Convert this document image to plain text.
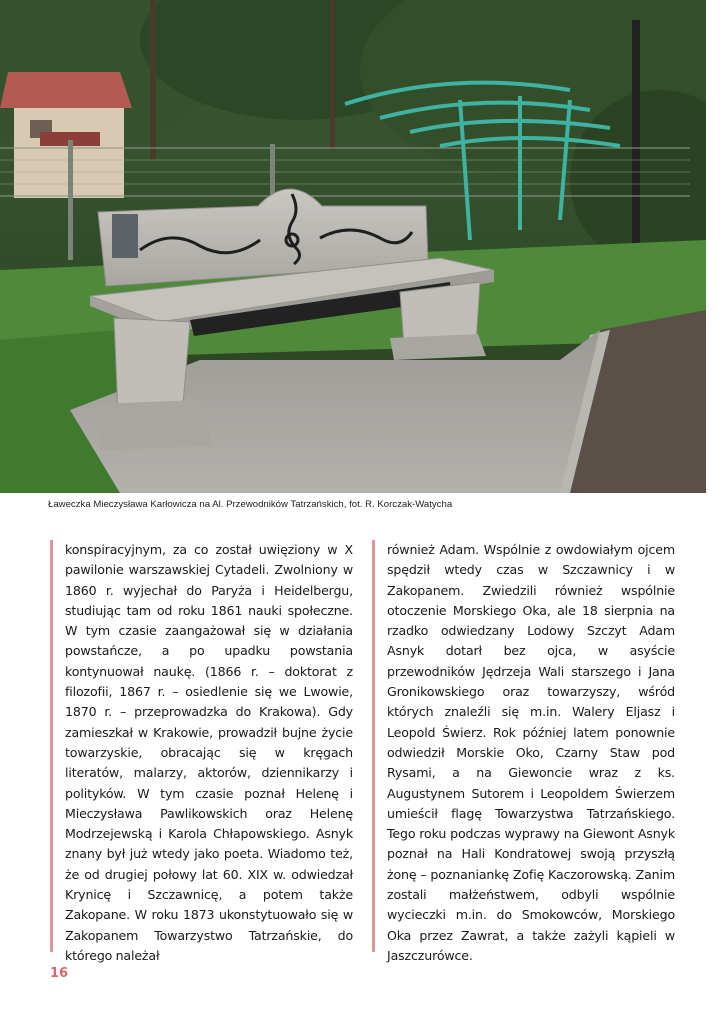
Ławeczka Mieczysława Karłowicza na Al. Przewodników Tatrzańskich, fot. R. Korczak-Watycha

konspiracyjnym, za co został uwięziony w X pawilonie warszawskiej Cytadeli. Zwolniony w 1860 r. wyjechał do Paryża i Heidelbergu, studiując tam od roku 1861 nauki społeczne. W tym czasie zaangażował się w działania powstańcze, a po upadku powstania kontynuował naukę. (1866 r. – doktorat z filozofii, 1867 r. – osiedlenie się we Lwowie, 1870 r. – przeprowadzka do Krakowa). Gdy zamieszkał w Krakowie, prowadził bujne życie towarzyskie, obracając się w kręgach literatów, malarzy, aktorów, dziennikarzy i polityków. W tym czasie poznał Helenę i Mieczysława Pawlikowskich oraz Helenę Modrzejewską i Karola Chłapowskiego. Asnyk znany był już wtedy jako poeta. Wiadomo też, że od drugiej połowy lat 60. XIX w. odwiedzał Krynicę i Szczawnicę, a potem także Zakopane. W roku 1873 ukonstytuowało się w Zakopanem Towarzystwo Tatrzańskie, do którego należał

również Adam. Wspólnie z owdowiałym ojcem spędził wtedy czas w Szczawnicy i w Zakopanem. Zwiedzili również wspólnie otoczenie Morskiego Oka, ale 18 sierpnia na rzadko odwiedzany Lodowy Szczyt Adam Asnyk dotarł bez ojca, w asyście przewodników Jędrzeja Wali starszego i Jana Gronikowskiego oraz towarzyszy, wśród których znaleźli się m.in. Walery Eljasz i Leopold Świerz. Rok później latem ponownie odwiedził Morskie Oko, Czarny Staw pod Rysami, a na Giewoncie wraz z ks. Augustynem Sutorem i Leopoldem Świerzem umieścił flagę Towarzystwa Tatrzańskiego. Tego roku podczas wyprawy na Giewont Asnyk poznał na Hali Kondratowej swoją przyszłą żonę – poznaniankę Zofię Kaczorowską. Zanim zostali małżeństwem, odbyli wspólnie wycieczki m.in. do Smokowców, Morskiego Oka przez Zawrat, a także zażyli kąpieli w Jaszczurówce.

16
